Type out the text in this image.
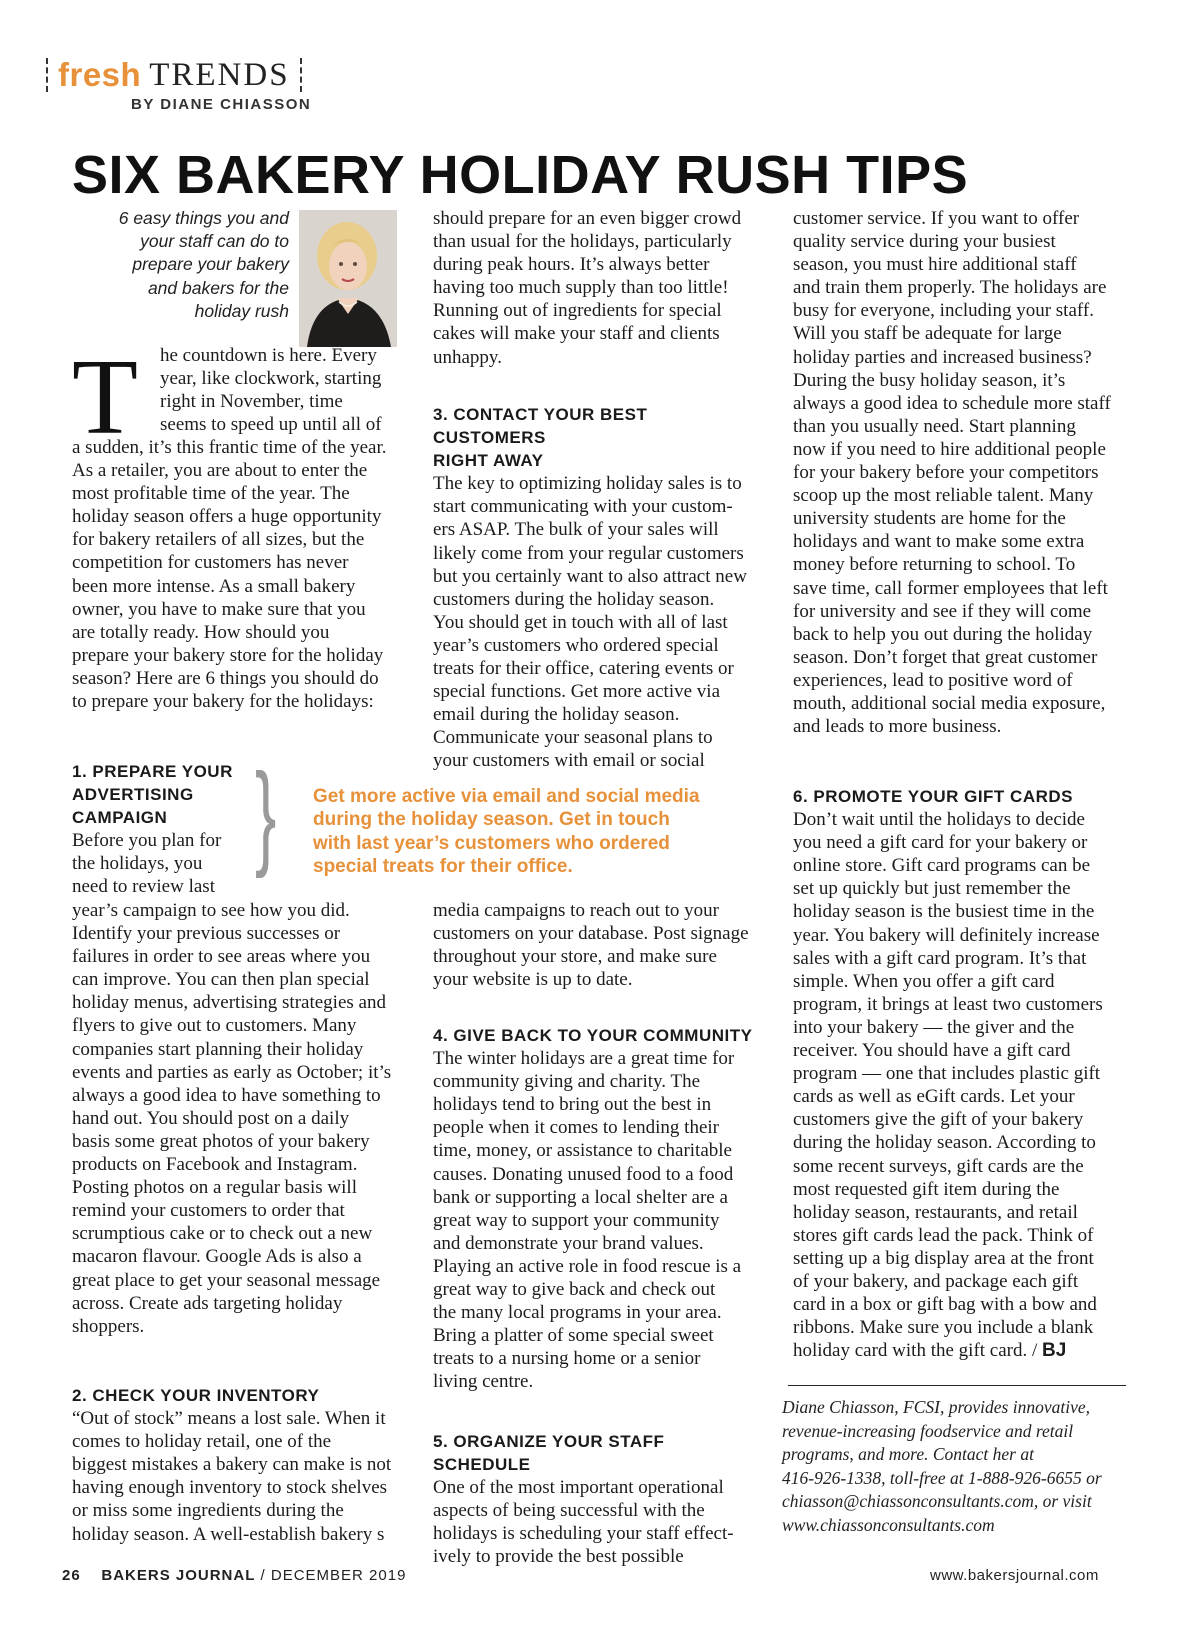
fresh TRENDS
BY DIANE CHIASSON
SIX BAKERY HOLIDAY RUSH TIPS
6 easy things you and
your staff can do to
prepare your bakery
and bakers for the
holiday rush
T he countdown is here. Every
year, like clockwork, starting
right in November, time
seems to speed up until all of
a sudden, it’s this frantic time of the year.
As a retailer, you are about to enter the
most profitable time of the year. The
holiday season offers a huge opportunity
for bakery retailers of all sizes, but the
competition for customers has never
been more intense. As a small bakery
owner, you have to make sure that you
are totally ready. How should you
prepare your bakery store for the holiday
season? Here are 6 things you should do
to prepare your bakery for the holidays:
1. PREPARE YOUR
ADVERTISING
CAMPAIGN
Before you plan for
the holidays, you
need to review last
year’s campaign to see how you did.
Identify your previous successes or
failures in order to see areas where you
can improve. You can then plan special
holiday menus, advertising strategies and
flyers to give out to customers. Many
companies start planning their holiday
events and parties as early as October; it’s
always a good idea to have something to
hand out. You should post on a daily
basis some great photos of your bakery
products on Facebook and Instagram.
Posting photos on a regular basis will
remind your customers to order that
scrumptious cake or to check out a new
macaron flavour. Google Ads is also a
great place to get your seasonal message
across. Create ads targeting holiday
shoppers.
2. CHECK YOUR INVENTORY
“Out of stock” means a lost sale. When it
comes to holiday retail, one of the
biggest mistakes a bakery can make is not
having enough inventory to stock shelves
or miss some ingredients during the
holiday season. A well-establish bakery s
should prepare for an even bigger crowd
than usual for the holidays, particularly
during peak hours. It’s always better
having too much supply than too little!
Running out of ingredients for special
cakes will make your staff and clients
unhappy.
3. CONTACT YOUR BEST CUSTOMERS
RIGHT AWAY
The key to optimizing holiday sales is to
start communicating with your custom-
ers ASAP. The bulk of your sales will
likely come from your regular customers
but you certainly want to also attract new
customers during the holiday season.
You should get in touch with all of last
year’s customers who ordered special
treats for their office, catering events or
special functions. Get more active via
email during the holiday season.
Communicate your seasonal plans to
your customers with email or social
} Get more active via email and social media
during the holiday season. Get in touch
with last year’s customers who ordered
special treats for their office.
media campaigns to reach out to your
customers on your database. Post signage
throughout your store, and make sure
your website is up to date.
4. GIVE BACK TO YOUR COMMUNITY
The winter holidays are a great time for
community giving and charity. The
holidays tend to bring out the best in
people when it comes to lending their
time, money, or assistance to charitable
causes. Donating unused food to a food
bank or supporting a local shelter are a
great way to support your community
and demonstrate your brand values.
Playing an active role in food rescue is a
great way to give back and check out
the many local programs in your area.
Bring a platter of some special sweet
treats to a nursing home or a senior
living centre.
5. ORGANIZE YOUR STAFF SCHEDULE
One of the most important operational
aspects of being successful with the
holidays is scheduling your staff effect-
ively to provide the best possible
customer service. If you want to offer
quality service during your busiest
season, you must hire additional staff
and train them properly. The holidays are
busy for everyone, including your staff.
Will you staff be adequate for large
holiday parties and increased business?
During the busy holiday season, it’s
always a good idea to schedule more staff
than you usually need. Start planning
now if you need to hire additional people
for your bakery before your competitors
scoop up the most reliable talent. Many
university students are home for the
holidays and want to make some extra
money before returning to school. To
save time, call former employees that left
for university and see if they will come
back to help you out during the holiday
season. Don’t forget that great customer
experiences, lead to positive word of
mouth, additional social media exposure,
and leads to more business.
6. PROMOTE YOUR GIFT CARDS
Don’t wait until the holidays to decide
you need a gift card for your bakery or
online store. Gift card programs can be
set up quickly but just remember the
holiday season is the busiest time in the
year. You bakery will definitely increase
sales with a gift card program. It’s that
simple. When you offer a gift card
program, it brings at least two customers
into your bakery — the giver and the
receiver. You should have a gift card
program — one that includes plastic gift
cards as well as eGift cards. Let your
customers give the gift of your bakery
during the holiday season. According to
some recent surveys, gift cards are the
most requested gift item during the
holiday season, restaurants, and retail
stores gift cards lead the pack. Think of
setting up a big display area at the front
of your bakery, and package each gift
card in a box or gift bag with a bow and
ribbons. Make sure you include a blank
holiday card with the gift card. / BJ
Diane Chiasson, FCSI, provides innovative,
revenue-increasing foodservice and retail
programs, and more. Contact her at
416-926-1338, toll-free at 1-888-926-6655 or
chiasson@chiassonconsultants.com, or visit
www.chiassonconsultants.com
26 BAKERS JOURNAL / DECEMBER 2019	www.bakersjournal.com
